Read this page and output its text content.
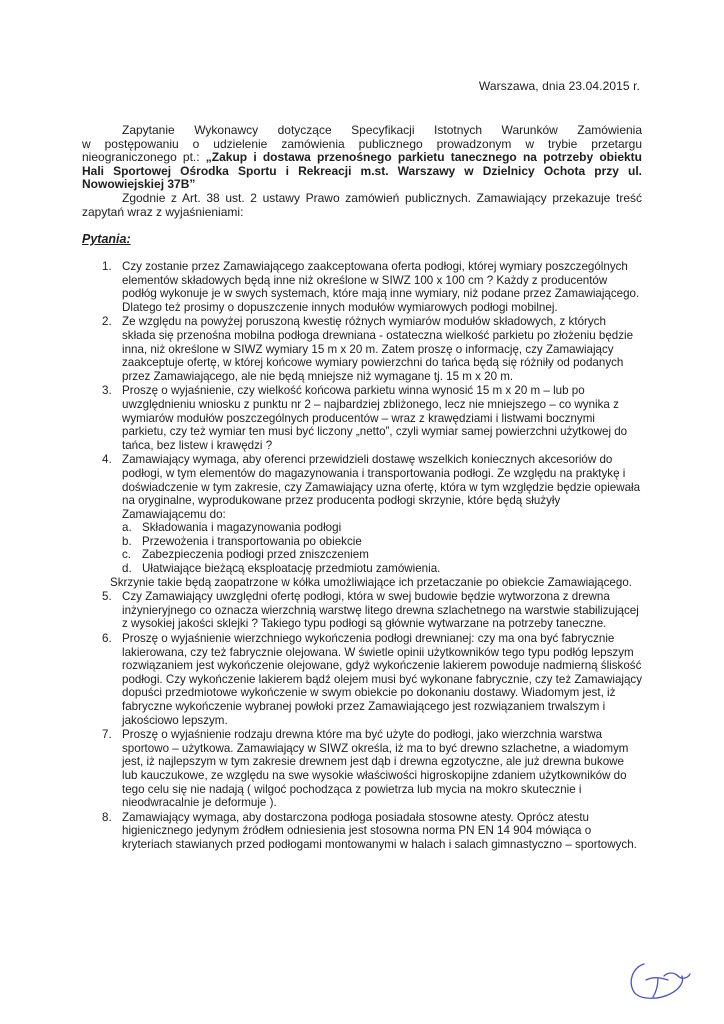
Warszawa, dnia 23.04.2015 r.

Zapytanie Wykonawcy dotyczące Specyfikacji Istotnych Warunków Zamówienia

w postępowaniu o udzielenie zamówienia publicznego prowadzonym w trybie przetargu

nieograniczonego pt.: „Zakup i dostawa przenośnego parkietu tanecznego na potrzeby obiektu

Hali Sportowej Ośrodka Sportu i Rekreacji m.st. Warszawy w Dzielnicy Ochota przy ul.

Nowowiejskiej 37B”

Zgodnie z Art. 38 ust. 2 ustawy Prawo zamówień publicznych. Zamawiający przekazuje treść

zapytań wraz z wyjaśnieniami:

Pytania:
1. Czy zostanie przez Zamawiającego zaakceptowana oferta podłogi, której wymiary poszczególnych elementów składowych będą inne niż określone w SIWZ 100 x 100 cm ? Każdy z producentów podłóg wykonuje je w swych systemach, które mają inne wymiary, niż podane przez Zamawiającego. Dlatego też prosimy o dopuszczenie innych modułów wymiarowych podłogi mobilnej.
2. Ze względu na powyżej poruszoną kwestię różnych wymiarów modułów składowych, z których składa się przenośna mobilna podłoga drewniana - ostateczna wielkość parkietu po złożeniu będzie inna, niż określone w SIWZ wymiary 15 m x 20 m. Zatem proszę o informację, czy Zamawiający zaakceptuje ofertę, w której końcowe wymiary powierzchni do tańca będą się różniły od podanych przez Zamawiającego, ale nie będą mniejsze niż wymagane tj. 15 m x 20 m.
3. Proszę o wyjaśnienie, czy wielkość końcowa parkietu winna wynosić 15 m x 20 m – lub po uwzględnieniu wniosku z punktu nr 2 – najbardziej zbliżonego, lecz nie mniejszego – co wynika z wymiarów modułów poszczególnych producentów – wraz z krawędziami i listwami bocznymi parkietu, czy też wymiar ten musi być liczony „netto”, czyli wymiar samej powierzchni użytkowej do tańca, bez listew i krawędzi ?
4. Zamawiający wymaga, aby oferenci przewidzieli dostawę wszelkich koniecznych akcesoriów do podłogi, w tym elementów do magazynowania i transportowania podłogi. Ze względu na praktykę i doświadczenie w tym zakresie, czy Zamawiający uzna ofertę, która w tym względzie będzie opiewała na oryginalne, wyprodukowane przez producenta podłogi skrzynie, które będą służyły Zamawiającemu do:
a. Składowania i magazynowania podłogi
b. Przewożenia i transportowania po obiekcie
c. Zabezpieczenia podłogi przed zniszczeniem
d. Ułatwiające bieżącą eksploatację przedmiotu zamówienia.
Skrzynie takie będą zaopatrzone w kółka umożliwiające ich przetaczanie po obiekcie Zamawiającego.
5. Czy Zamawiający uwzględni ofertę podłogi, która w swej budowie będzie wytworzona z drewna inżynieryjnego co oznacza wierzchnią warstwę litego drewna szlachetnego na warstwie stabilizującej z wysokiej jakości sklejki ? Takiego typu podłogi są głównie wytwarzane na potrzeby taneczne.
6. Proszę o wyjaśnienie wierzchniego wykończenia podłogi drewnianej: czy ma ona być fabrycznie lakierowana, czy też fabrycznie olejowana. W świetle opinii użytkowników tego typu podłóg lepszym rozwiązaniem jest wykończenie olejowane, gdyż wykończenie lakierem powoduje nadmierną śliskość podłogi. Czy wykończenie lakierem bądź olejem musi być wykonane fabrycznie, czy też Zamawiający dopuści przedmiotowe wykończenie w swym obiekcie po dokonaniu dostawy. Wiadomym jest, iż fabryczne wykończenie wybranej powłoki przez Zamawiającego jest rozwiązaniem trwalszym i jakościowo lepszym.
7. Proszę o wyjaśnienie rodzaju drewna które ma być użyte do podłogi, jako wierzchnia warstwa sportowo – użytkowa. Zamawiający w SIWZ określa, iż ma to być drewno szlachetne, a wiadomym jest, iż najlepszym w tym zakresie drewnem jest dąb i drewna egzotyczne, ale już drewna bukowe lub kauczukowe, ze względu na swe wysokie właściwości higroskopijne zdaniem użytkowników do tego celu się nie nadają ( wilgoć pochodząca z powietrza lub mycia na mokro skutecznie i nieodwracalnie je deformuje ).
8. Zamawiający wymaga, aby dostarczona podłoga posiadała stosowne atesty. Oprócz atestu higienicznego jedynym źródłem odniesienia jest stosowna norma PN EN 14 904 mówiąca o kryteriach stawianych przed podłogami montowanymi w halach i salach gimnastyczno – sportowych.
